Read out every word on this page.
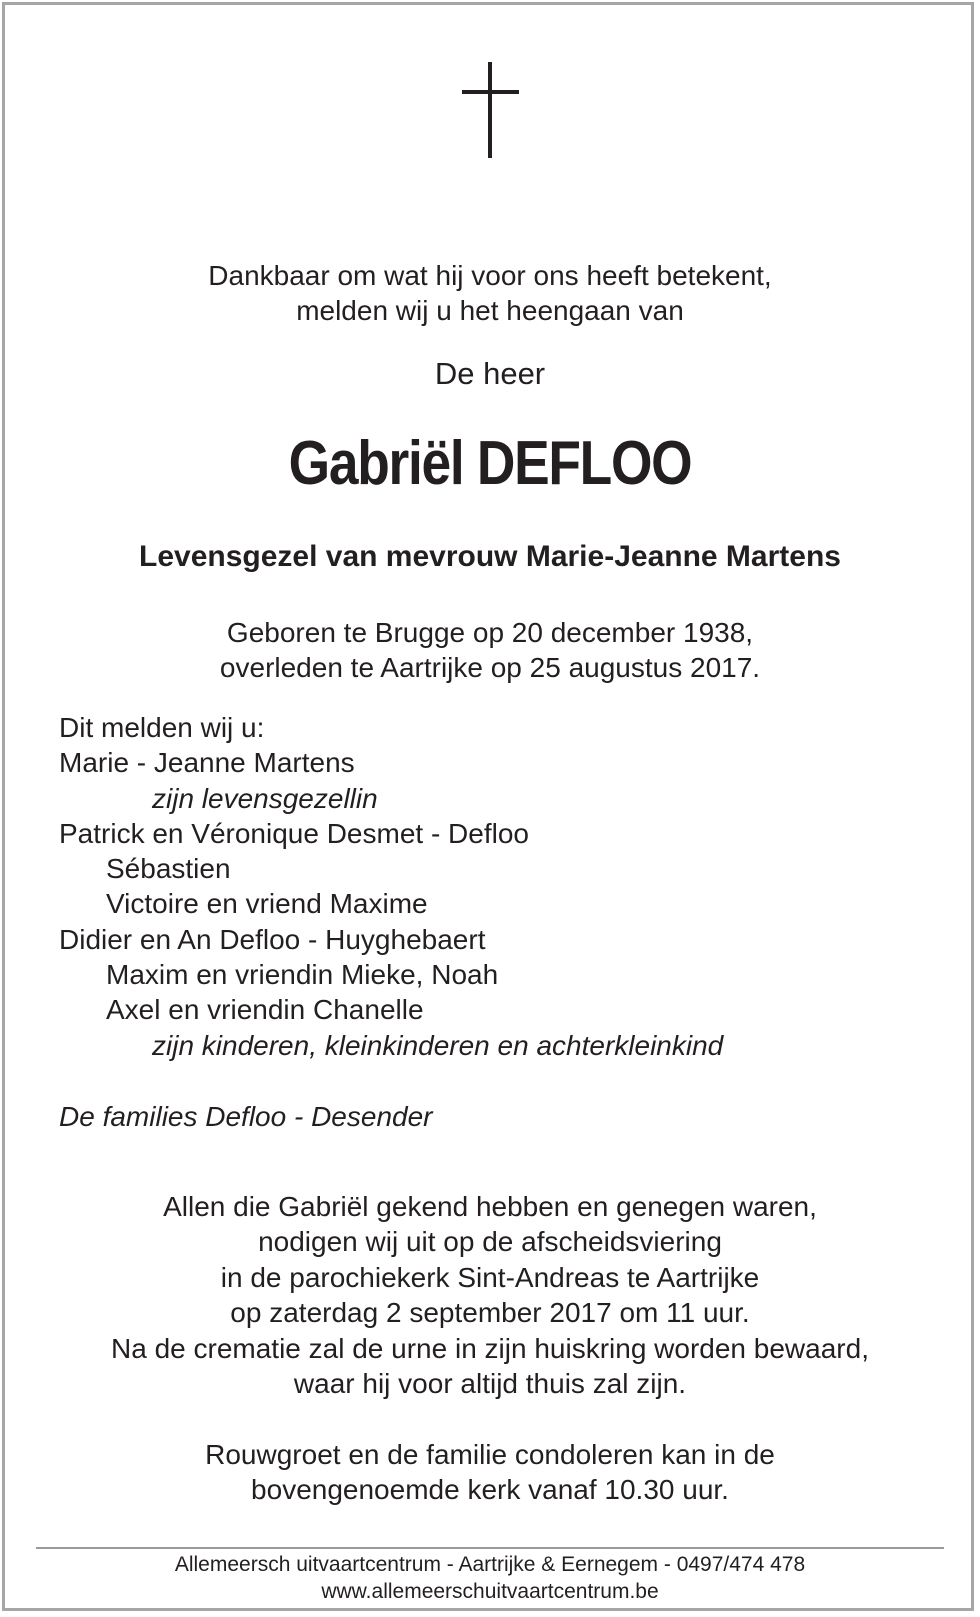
Dankbaar om wat hij voor ons heeft betekent,
melden wij u het heengaan van
De heer
Gabriël DEFLOO
Levensgezel van mevrouw Marie-Jeanne Martens
Geboren te Brugge op 20 december 1938,
overleden te Aartrijke op 25 augustus 2017.
Dit melden wij u:
Marie - Jeanne Martens
zijn levensgezellin
Patrick en Véronique Desmet - Defloo
Sébastien
Victoire en vriend Maxime
Didier en An Defloo - Huyghebaert
Maxim en vriendin Mieke, Noah
Axel en vriendin Chanelle
zijn kinderen, kleinkinderen en achterkleinkind
De families Defloo - Desender
Allen die Gabriël gekend hebben en genegen waren,
nodigen wij uit op de afscheidsviering
in de parochiekerk Sint-Andreas te Aartrijke
op zaterdag 2 september 2017 om 11 uur.
Na de crematie zal de urne in zijn huiskring worden bewaard,
waar hij voor altijd thuis zal zijn.
Rouwgroet en de familie condoleren kan in de
bovengenoemde kerk vanaf 10.30 uur.
Allemeersch uitvaartcentrum - Aartrijke & Eernegem - 0497/474 478
www.allemeerschuitvaartcentrum.be
